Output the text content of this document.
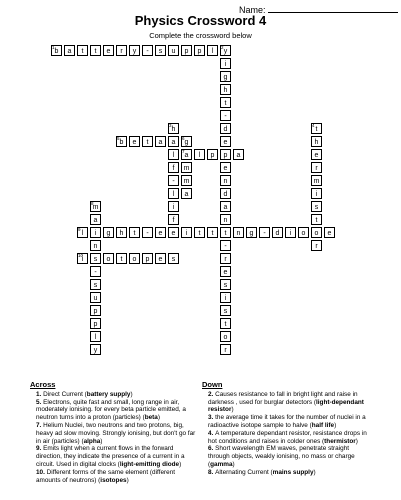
Name:
Physics Crossword 4

Complete the crossword below

1
b	a	t	t	e	r	y	-	s	u	p	p	l
2
y
i
g
h
t
-
d
e
p
e
n
d
a
n
t
-
r
e
s
i
s
t
o
r
3
h
a
l
f
-
l
i
f
e
4
t
h
e
r
m
i
s
t
o
r
5
b	e	t	a
6
g
7
a
m
m
a
l	p	a
8
m
a
i
n
s
-
s
u
p
p
l
y
9
l	g	h	t	-	e	i	t	t	n	g	-	d	i	o	e
10
i	o	t	o	p	e	s
Across
1. Direct Current (battery supply)
5. Electrons, quite fast and small, long range in air, moderately ionising. for every beta particle emitted, a neutron turns into a proton (particles) (beta)
7. Helium Nuclei, two neutrons and two protons, big, heavy ad slow moving. Strongly ionising, but don't go far in air (particles) (alpha)
9. Emits light when a current flows in the forward direction, they indicate the presence of a current in a circuit. Used in digital clocks (light-emitting diode)
10. Different forms of the same element (different amounts of neutrons) (isotopes)
Down
2. Causes resistance to fall in bright light and raise in darkness , used for burglar detectors (light-dependant resistor)
3. the average time it takes for the number of nuclei in a radioactive isotope sample to halve (half life)
4. A temperature dependant resistor, resistance drops in hot conditions and raises in colder ones (thermistor)
6. Short wavelength EM waves, penetrate straight through objects, weakly ionising, no mass or charge (gamma)
8. Alternating Current (mains supply)
